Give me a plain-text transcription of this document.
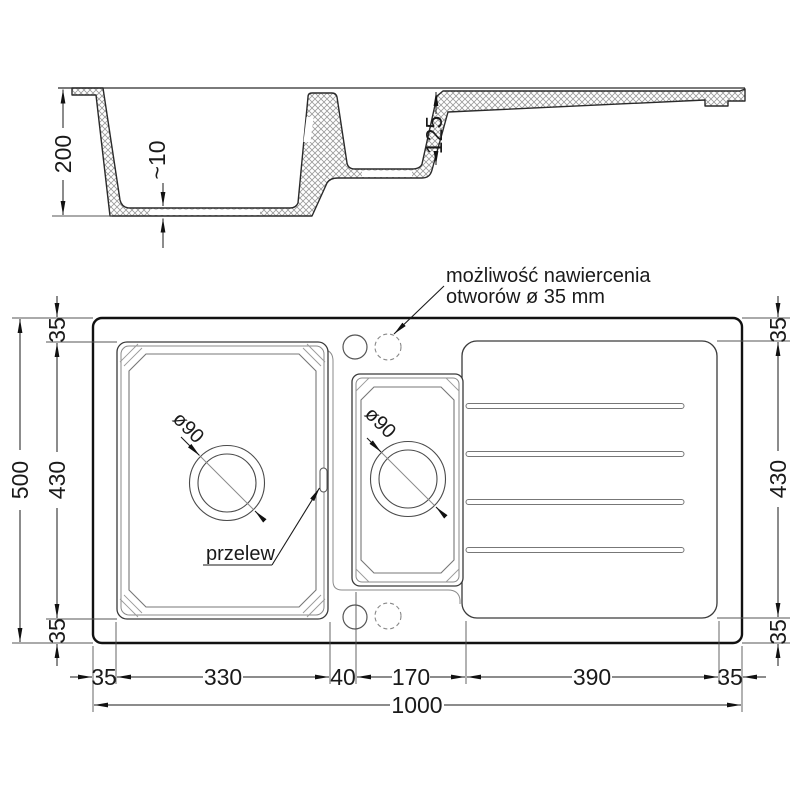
200	~10
125
ø90	ø90
przelew
możliwość nawiercenia
otworów ø 35 mm
500
35
430
35
35
430
35
35	330	40 170	390	35
1000
